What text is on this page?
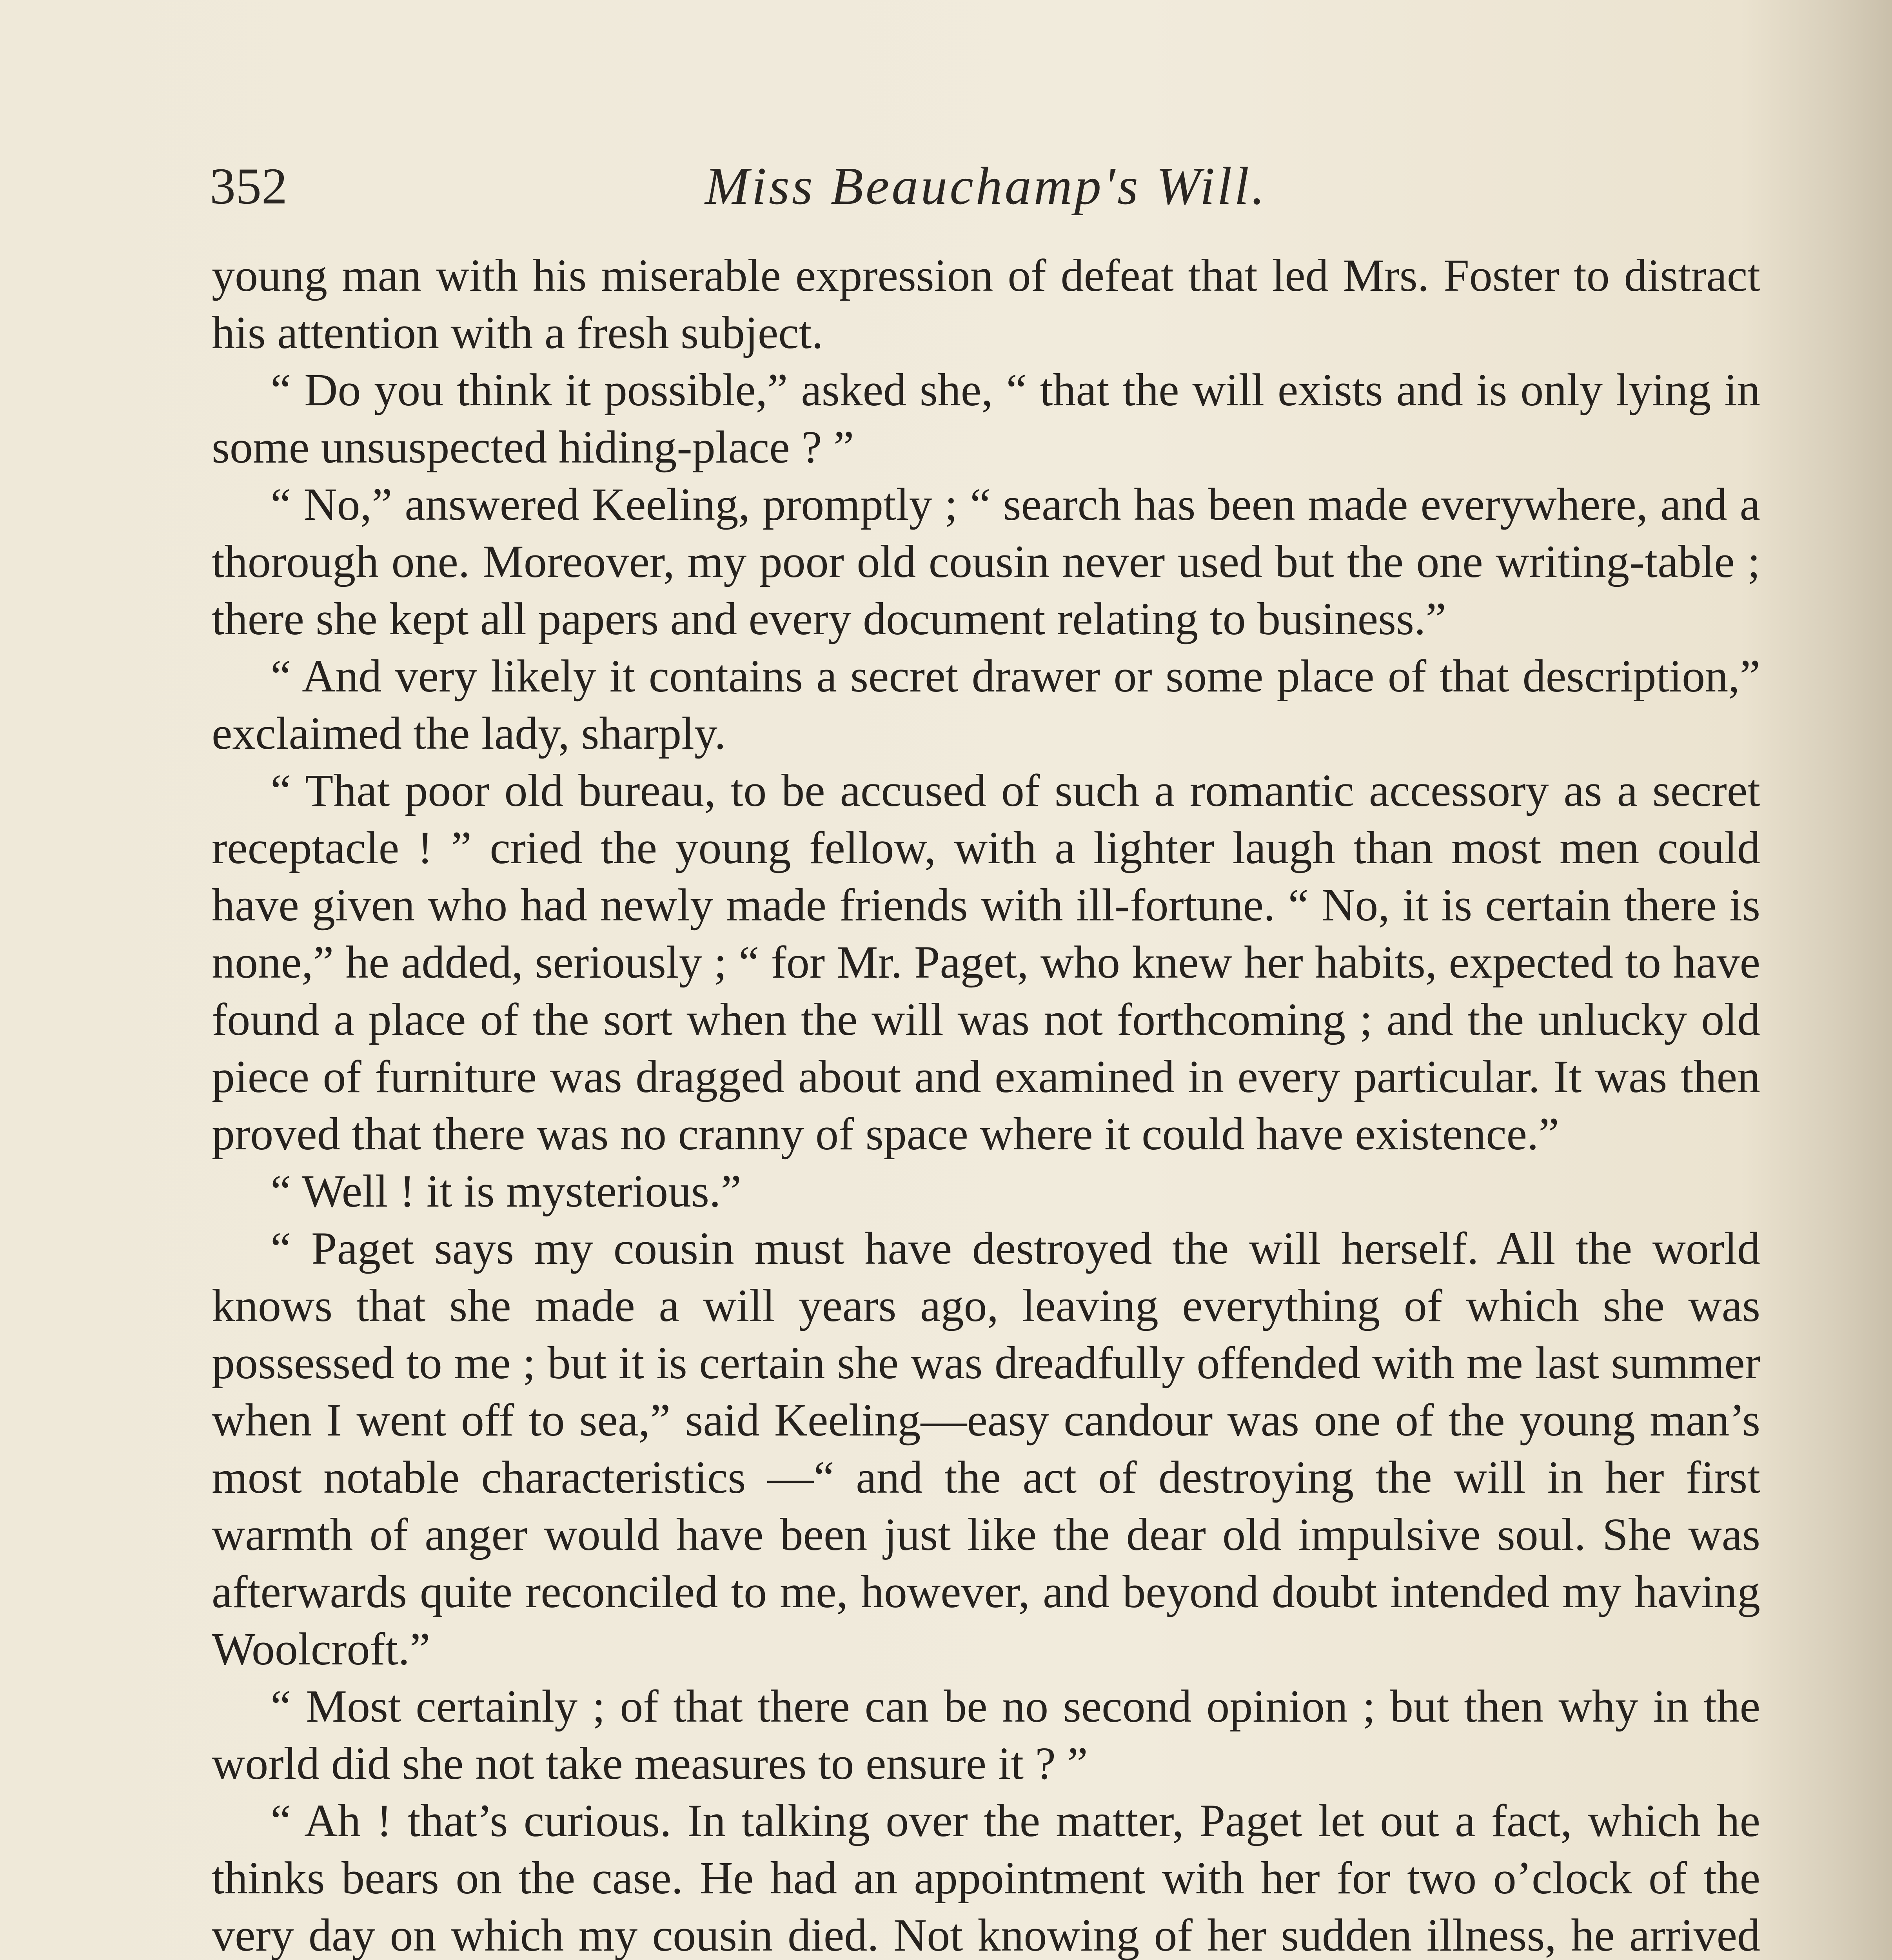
352	Miss Beauchamp's Will.

young man with his miserable expression of defeat that led Mrs. Foster to distract his attention with a fresh subject.

“ Do you think it possible,” asked she, “ that the will exists and is only lying in some unsuspected hiding-place ? ”

“ No,” answered Keeling, promptly ; “ search has been made everywhere, and a thorough one. Moreover, my poor old cousin never used but the one writing-table ; there she kept all papers and every document relating to business.”

“ And very likely it contains a secret drawer or some place of that description,” exclaimed the lady, sharply.

“ That poor old bureau, to be accused of such a romantic accessory as a secret receptacle ! ” cried the young fellow, with a lighter laugh than most men could have given who had newly made friends with ill-fortune. “ No, it is certain there is none,” he added, seriously ; “ for Mr. Paget, who knew her habits, expected to have found a place of the sort when the will was not forthcoming ; and the unlucky old piece of furniture was dragged about and examined in every particular. It was then proved that there was no cranny of space where it could have existence.”

“ Well ! it is mysterious.”

“ Paget says my cousin must have destroyed the will herself. All the world knows that she made a will years ago, leaving everything of which she was possessed to me ; but it is certain she was dreadfully offended with me last summer when I went off to sea,” said Keeling—easy candour was one of the young man’s most notable characteristics —“ and the act of destroying the will in her first warmth of anger would have been just like the dear old impulsive soul. She was afterwards quite reconciled to me, however, and beyond doubt intended my having Woolcroft.”

“ Most certainly ; of that there can be no second opinion ; but then why in the world did she not take measures to ensure it ? ”

“ Ah ! that’s curious. In talking over the matter, Paget let out a fact, which he thinks bears on the case. He had an appointment with her for two o’clock of the very day on which my cousin died. Not knowing of her sudden illness, he arrived
